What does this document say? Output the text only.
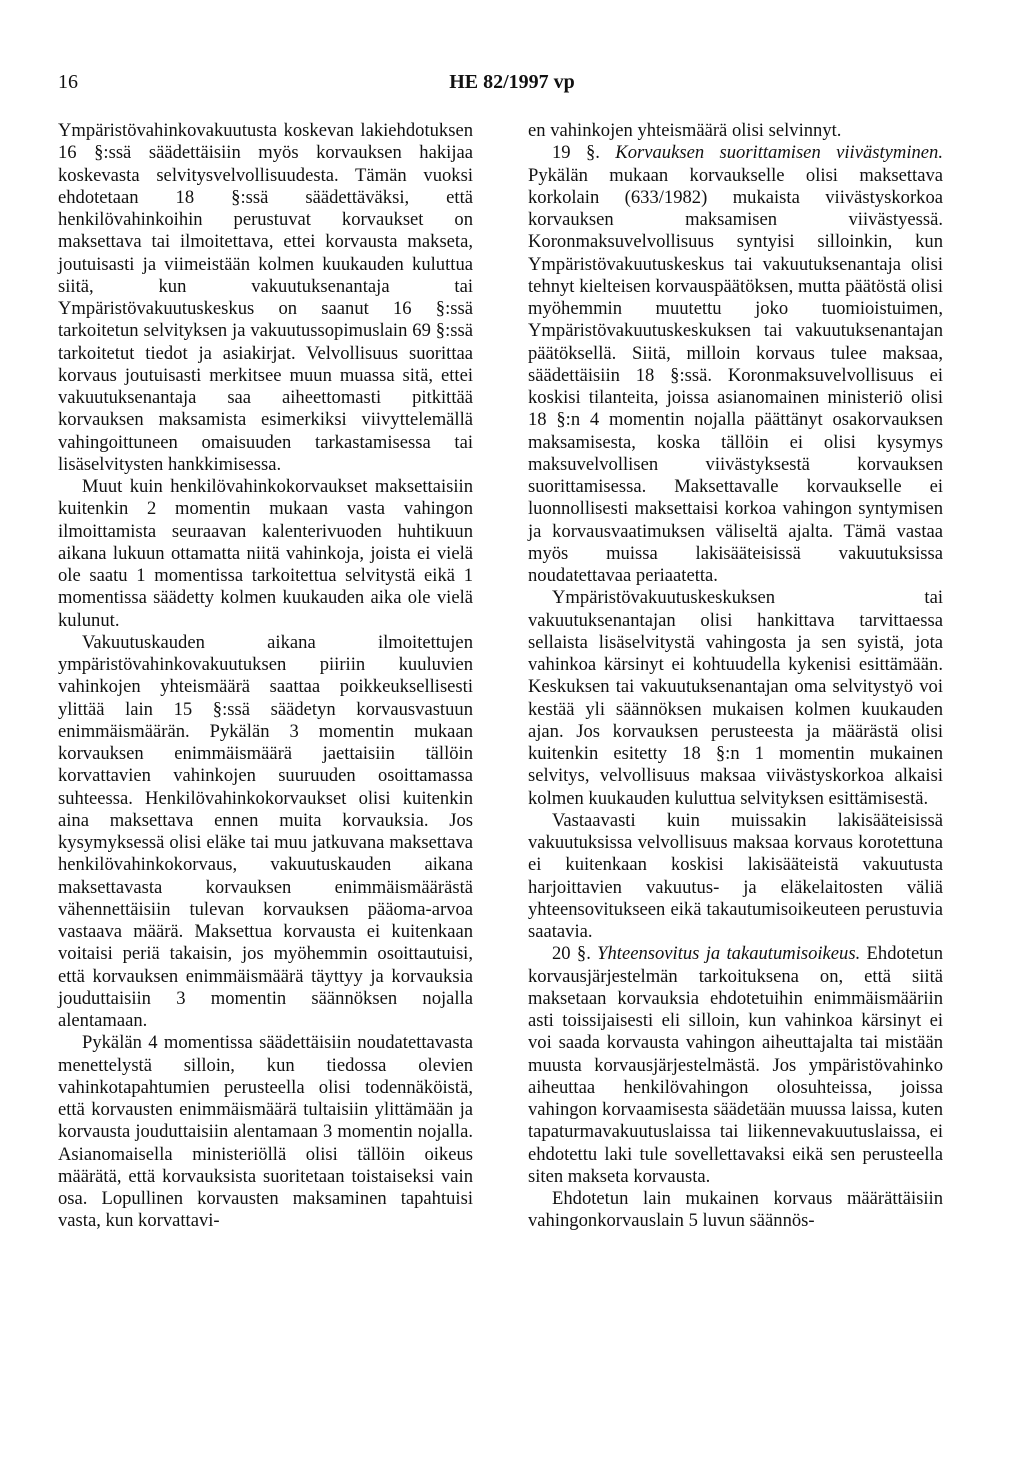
16	HE 82/1997 vp

Ympäristövahinkovakuutusta koskevan lakiehdotuksen 16 §:ssä säädettäisiin myös korvauksen hakijaa koskevasta selvitysvelvollisuudesta. Tämän vuoksi ehdotetaan 18 §:ssä säädettäväksi, että henkilövahinkoihin perustuvat korvaukset on maksettava tai ilmoitettava, ettei korvausta makseta, joutuisasti ja viimeistään kolmen kuukauden kuluttua siitä, kun vakuutuksenantaja tai Ympäristövakuutuskeskus on saanut 16 §:ssä tarkoitetun selvityksen ja vakuutussopimuslain 69 §:ssä tarkoitetut tiedot ja asiakirjat. Velvollisuus suorittaa korvaus joutuisasti merkitsee muun muassa sitä, ettei vakuutuksenantaja saa aiheettomasti pitkittää korvauksen maksamista esimerkiksi viivyttelemällä vahingoittuneen omaisuuden tarkastamisessa tai lisäselvitysten hankkimisessa.

Muut kuin henkilövahinkokorvaukset maksettaisiin kuitenkin 2 momentin mukaan vasta vahingon ilmoittamista seuraavan kalenterivuoden huhtikuun aikana lukuun ottamatta niitä vahinkoja, joista ei vielä ole saatu 1 momentissa tarkoitettua selvitystä eikä 1 momentissa säädetty kolmen kuukauden aika ole vielä kulunut.

Vakuutuskauden aikana ilmoitettujen ympäristövahinkovakuutuksen piiriin kuuluvien vahinkojen yhteismäärä saattaa poikkeuksellisesti ylittää lain 15 §:ssä säädetyn korvausvastuun enimmäismäärän. Pykälän 3 momentin mukaan korvauksen enimmäismäärä jaettaisiin tällöin korvattavien vahinkojen suuruuden osoittamassa suhteessa. Henkilövahinkokorvaukset olisi kuitenkin aina maksettava ennen muita korvauksia. Jos kysymyksessä olisi eläke tai muu jatkuvana maksettava henkilövahinkokorvaus, vakuutuskauden aikana maksettavasta korvauksen enimmäismäärästä vähennettäisiin tulevan korvauksen pääoma-arvoa vastaava määrä. Maksettua korvausta ei kuitenkaan voitaisi periä takaisin, jos myöhemmin osoittautuisi, että korvauksen enimmäismäärä täyttyy ja korvauksia jouduttaisiin 3 momentin säännöksen nojalla alentamaan.

Pykälän 4 momentissa säädettäisiin noudatettavasta menettelystä silloin, kun tiedossa olevien vahinkotapahtumien perusteella olisi todennäköistä, että korvausten enimmäismäärä tultaisiin ylittämään ja korvausta jouduttaisiin alentamaan 3 momentin nojalla. Asianomaisella ministeriöllä olisi tällöin oikeus määrätä, että korvauksista suoritetaan toistaiseksi vain osa. Lopullinen korvausten maksaminen tapahtuisi vasta, kun korvattavi-

en vahinkojen yhteismäärä olisi selvinnyt.

19 §. Korvauksen suorittamisen viivästyminen. Pykälän mukaan korvaukselle olisi maksettava korkolain (633/1982) mukaista viivästyskorkoa korvauksen maksamisen viivästyessä. Koronmaksuvelvollisuus syntyisi silloinkin, kun Ympäristövakuutuskeskus tai vakuutuksenantaja olisi tehnyt kielteisen korvauspäätöksen, mutta päätöstä olisi myöhemmin muutettu joko tuomioistuimen, Ympäristövakuutuskeskuksen tai vakuutuksenantajan päätöksellä. Siitä, milloin korvaus tulee maksaa, säädettäisiin 18 §:ssä. Koronmaksuvelvollisuus ei koskisi tilanteita, joissa asianomainen ministeriö olisi 18 §:n 4 momentin nojalla päättänyt osakorvauksen maksamisesta, koska tällöin ei olisi kysymys maksuvelvollisen viivästyksestä korvauksen suorittamisessa. Maksettavalle korvaukselle ei luonnollisesti maksettaisi korkoa vahingon syntymisen ja korvausvaatimuksen väliseltä ajalta. Tämä vastaa myös muissa lakisääteisissä vakuutuksissa noudatettavaa periaatetta.

Ympäristövakuutuskeskuksen tai vakuutuksenantajan olisi hankittava tarvittaessa sellaista lisäselvitystä vahingosta ja sen syistä, jota vahinkoa kärsinyt ei kohtuudella kykenisi esittämään. Keskuksen tai vakuutuksenantajan oma selvitystyö voi kestää yli säännöksen mukaisen kolmen kuukauden ajan. Jos korvauksen perusteesta ja määrästä olisi kuitenkin esitetty 18 §:n 1 momentin mukainen selvitys, velvollisuus maksaa viivästyskorkoa alkaisi kolmen kuukauden kuluttua selvityksen esittämisestä.

Vastaavasti kuin muissakin lakisääteisissä vakuutuksissa velvollisuus maksaa korvaus korotettuna ei kuitenkaan koskisi lakisääteistä vakuutusta harjoittavien vakuutus- ja eläkelaitosten väliä yhteensovitukseen eikä takautumisoikeuteen perustuvia saatavia.

20 §. Yhteensovitus ja takautumisoikeus. Ehdotetun korvausjärjestelmän tarkoituksena on, että siitä maksetaan korvauksia ehdotetuihin enimmäismääriin asti toissijaisesti eli silloin, kun vahinkoa kärsinyt ei voi saada korvausta vahingon aiheuttajalta tai mistään muusta korvausjärjestelmästä. Jos ympäristövahinko aiheuttaa henkilövahingon olosuhteissa, joissa vahingon korvaamisesta säädetään muussa laissa, kuten tapaturmavakuutuslaissa tai liikennevakuutuslaissa, ei ehdotettu laki tule sovellettavaksi eikä sen perusteella siten makseta korvausta.

Ehdotetun lain mukainen korvaus määrättäisiin vahingonkorvauslain 5 luvun säännös-
